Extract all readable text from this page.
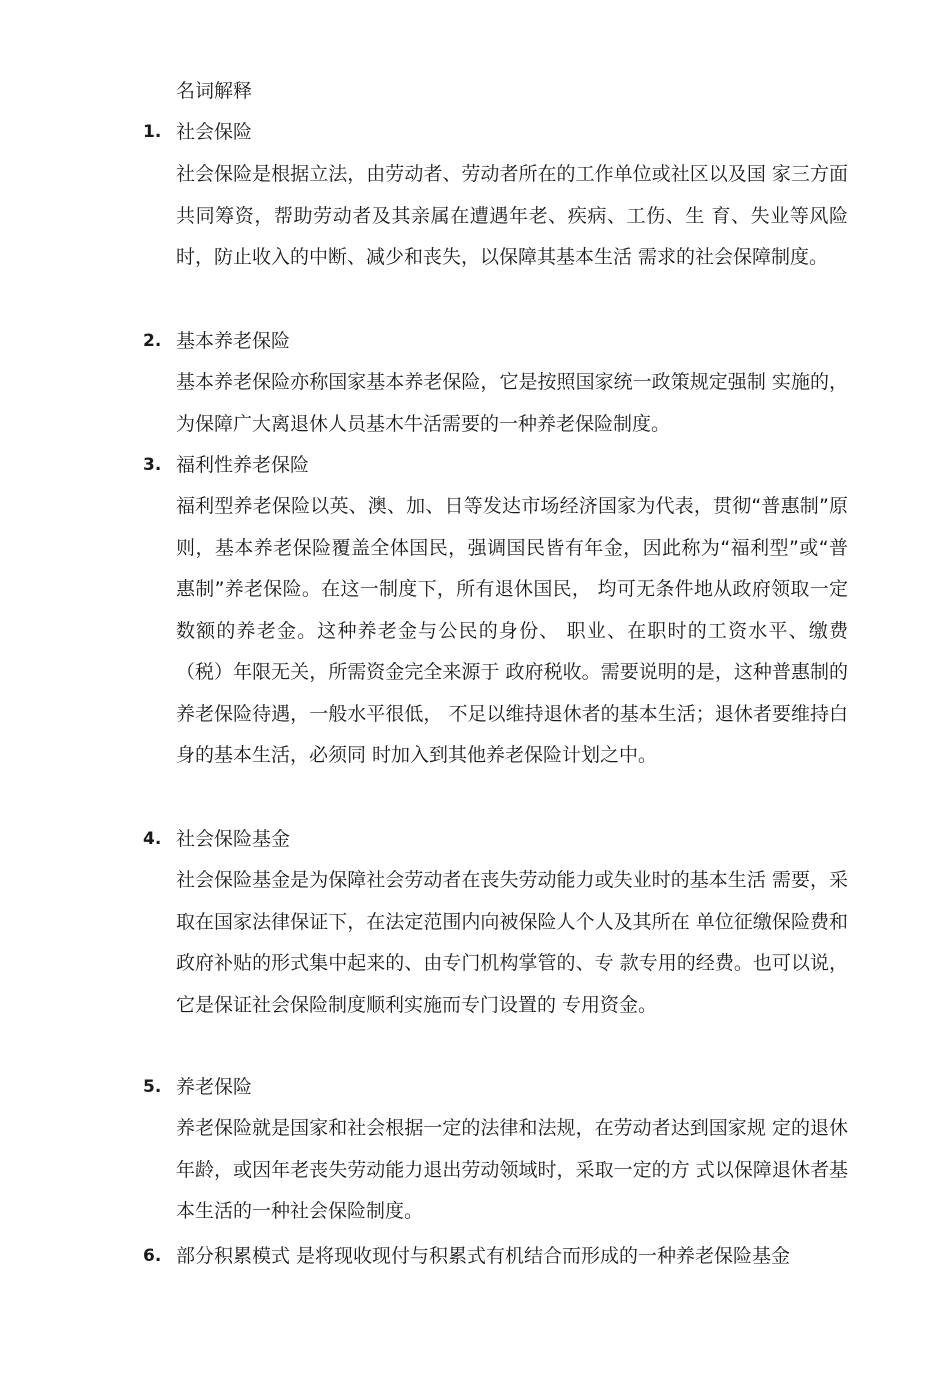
名词解释
1. 社会保险
社会保险是根据立法，由劳动者、劳动者所在的工作单位或社区以及国 家三方面共同筹资，帮助劳动者及其亲属在遭遇年老、疾病、工伤、生 育、失业等风险时，防止收入的中断、减少和丧失，以保障其基本生活 需求的社会保障制度。
2. 基本养老保险
基本养老保险亦称国家基本养老保险，它是按照国家统一政策规定强制 实施的，为保障广大离退休人员基木牛活需要的一种养老保险制度。
3. 福利性养老保险
福利型养老保险以英、澳、加、日等发达市场经济国家为代表，贯彻“普惠制”原则，基本养老保险覆盖全体国民，强调国民皆有年金，因此称为“福利型”或“普惠制”养老保险。在这一制度下，所有退休国民， 均可无条件地从政府领取一定数额的养老金。这种养老金与公民的身份、 职业、在职时的工资水平、缴费（税）年限无关，所需资金完全来源于 政府税收。需要说明的是，这种普惠制的养老保险待遇，一般水平很低， 不足以维持退休者的基本生活；退休者要维持白身的基本生活，必须同 时加入到其他养老保险计划之中。
4. 社会保险基金
社会保险基金是为保障社会劳动者在丧失劳动能力或失业时的基本生活 需要，采取在国家法律保证下，在法定范围内向被保险人个人及其所在 单位征缴保险费和政府补贴的形式集中起来的、由专门机构掌管的、专 款专用的经费。也可以说，它是保证社会保险制度顺利实施而专门设置的 专用资金。
5. 养老保险
养老保险就是国家和社会根据一定的法律和法规，在劳动者达到国家规 定的退休年龄，或因年老丧失劳动能力退出劳动领域时，采取一定的方 式以保障退休者基本生活的一种社会保险制度。
6. 部分积累模式 是将现收现付与积累式有机结合而形成的一种养老保险基金
